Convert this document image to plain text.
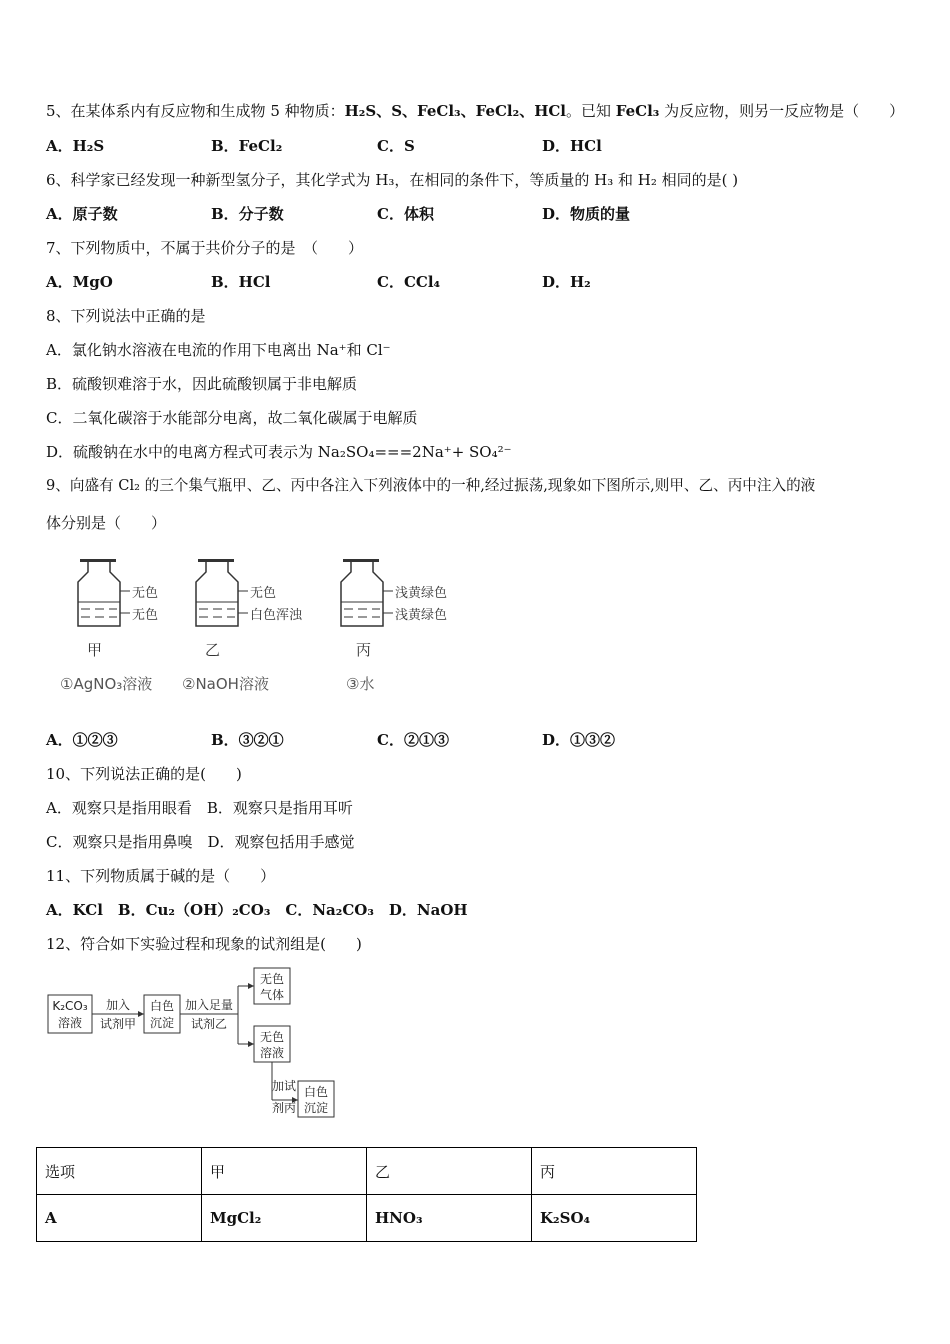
5、在某体系内有反应物和生成物 5 种物质：H₂S、S、FeCl₃、FeCl₂、HCl。已知 FeCl₃ 为反应物，则另一反应物是（　　）
A．H₂S	B．FeCl₂	C．S	D．HCl
6、科学家已经发现一种新型氢分子，其化学式为 H₃，在相同的条件下，等质量的 H₃ 和 H₂ 相同的是( )
A．原子数	B．分子数	C．体积	D．物质的量
7、下列物质中，不属于共价分子的是　（　　）
A．MgO	B．HCl	C．CCl₄	D．H₂
8、下列说法中正确的是
A．氯化钠水溶液在电流的作用下电离出 Na⁺和 Cl⁻
B．硫酸钡难溶于水，因此硫酸钡属于非电解质
C．二氧化碳溶于水能部分电离，故二氧化碳属于电解质
D．硫酸钠在水中的电离方程式可表示为 Na₂SO₄===2Na⁺+ SO₄²⁻
9、向盛有 Cl₂ 的三个集气瓶甲、乙、丙中各注入下列液体中的一种,经过振荡,现象如下图所示,则甲、乙、丙中注入的液
体分别是（　　）
无色
无色
无色
白色浑浊
浅黄绿色
浅黄绿色
甲	乙	丙
①AgNO₃溶液 ②NaOH溶液	③水
A．①②③	B．③②①	C．②①③	D．①③②
10、下列说法正确的是(　　)
A．观察只是指用眼看　B．观察只是指用耳听
C．观察只是指用鼻嗅　D．观察包括用手感觉
11、下列物质属于碱的是（　　）
A．KCl　B．Cu₂（OH）₂CO₃　C．Na₂CO₃　D．NaOH
12、符合如下实验过程和现象的试剂组是(　　)
K₂CO₃
溶液
加入
试剂甲
白色
沉淀
加入足量
试剂乙
无色
气体
无色
溶液
加试
剂丙
白色
沉淀
选项	甲	乙	丙
A	MgCl₂	HNO₃	K₂SO₄
